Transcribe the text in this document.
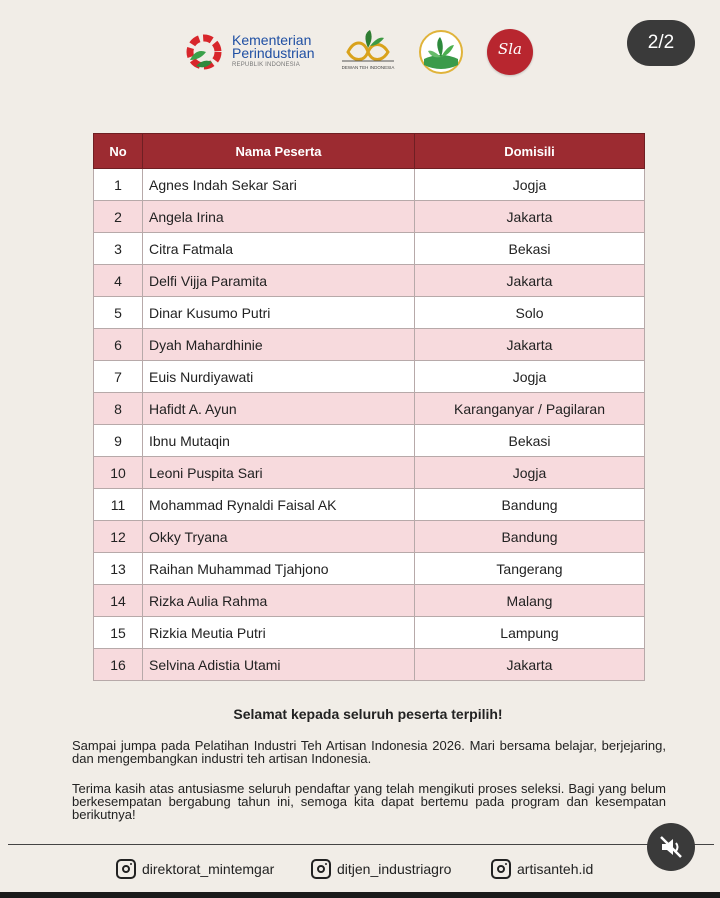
Kementerian
Perindustrian
REPUBLIK INDONESIA	DEWAN TEH INDONESIA
Sla	2/2
No	Nama Peserta	Domisili
1	Agnes Indah Sekar Sari	Jogja
2	Angela Irina	Jakarta
3	Citra Fatmala	Bekasi
4	Delfi Vijja Paramita	Jakarta
5	Dinar Kusumo Putri	Solo
6	Dyah Mahardhinie	Jakarta
7	Euis Nurdiyawati	Jogja
8	Hafidt A. Ayun	Karanganyar / Pagilaran
9	Ibnu Mutaqin	Bekasi
10	Leoni Puspita Sari	Jogja
11	Mohammad Rynaldi Faisal AK	Bandung
12	Okky Tryana	Bandung
13	Raihan Muhammad Tjahjono	Tangerang
14	Rizka Aulia Rahma	Malang
15	Rizkia Meutia Putri	Lampung
16	Selvina Adistia Utami	Jakarta
Selamat kepada seluruh peserta terpilih!
Sampai jumpa pada Pelatihan Industri Teh Artisan Indonesia 2026. Mari bersama belajar, berjejaring, dan mengembangkan industri teh artisan Indonesia.
Terima kasih atas antusiasme seluruh pendaftar yang telah mengikuti proses seleksi. Bagi yang belum berkesempatan bergabung tahun ini, semoga kita dapat bertemu pada program dan kesempatan berikutnya!
direktorat_mintemgar	ditjen_industriagro	artisanteh.id
